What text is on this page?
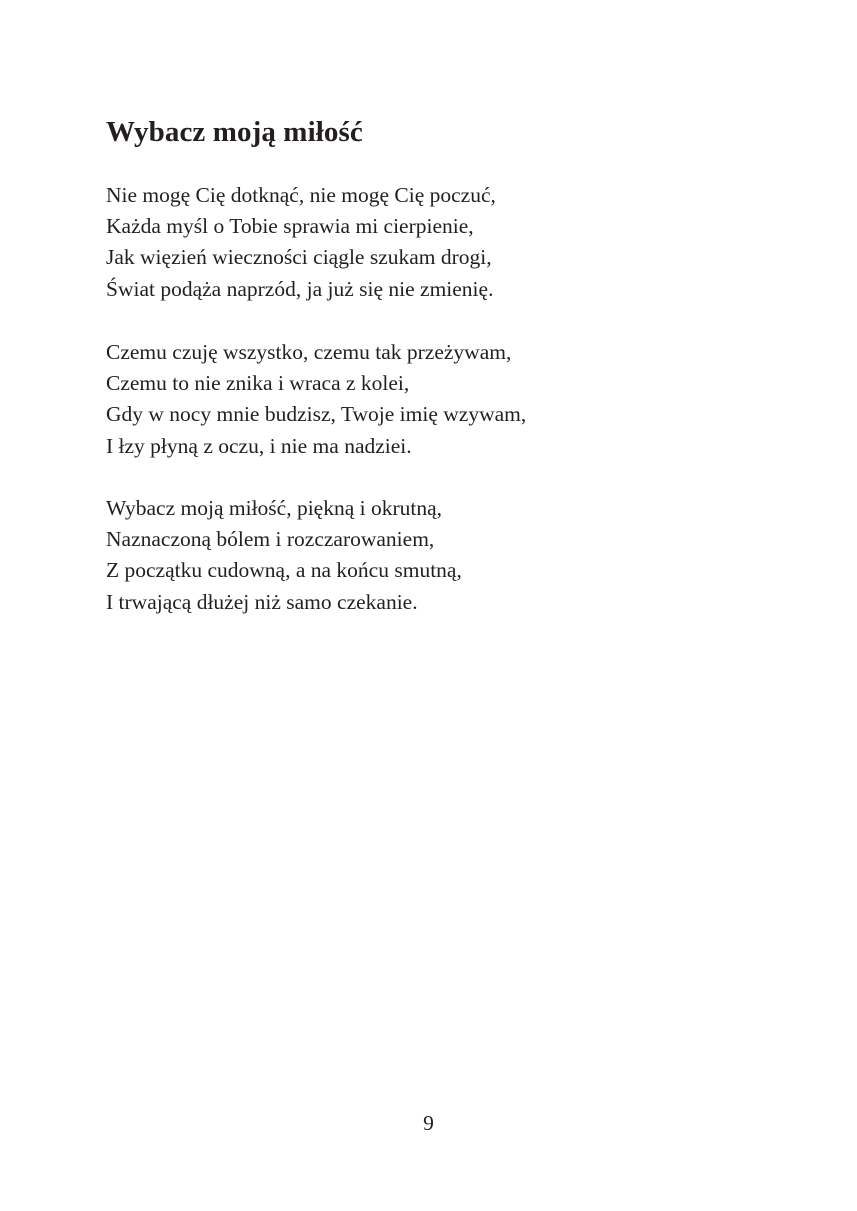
Wybacz moją miłość
Nie mogę Cię dotknąć, nie mogę Cię poczuć,
Każda myśl o Tobie sprawia mi cierpienie,
Jak więzień wieczności ciągle szukam drogi,
Świat podąża naprzód, ja już się nie zmienię.
Czemu czuję wszystko, czemu tak przeżywam,
Czemu to nie znika i wraca z kolei,
Gdy w nocy mnie budzisz, Twoje imię wzywam,
I łzy płyną z oczu, i nie ma nadziei.
Wybacz moją miłość, piękną i okrutną,
Naznaczoną bólem i rozczarowaniem,
Z początku cudowną, a na końcu smutną,
I trwającą dłużej niż samo czekanie.

9
